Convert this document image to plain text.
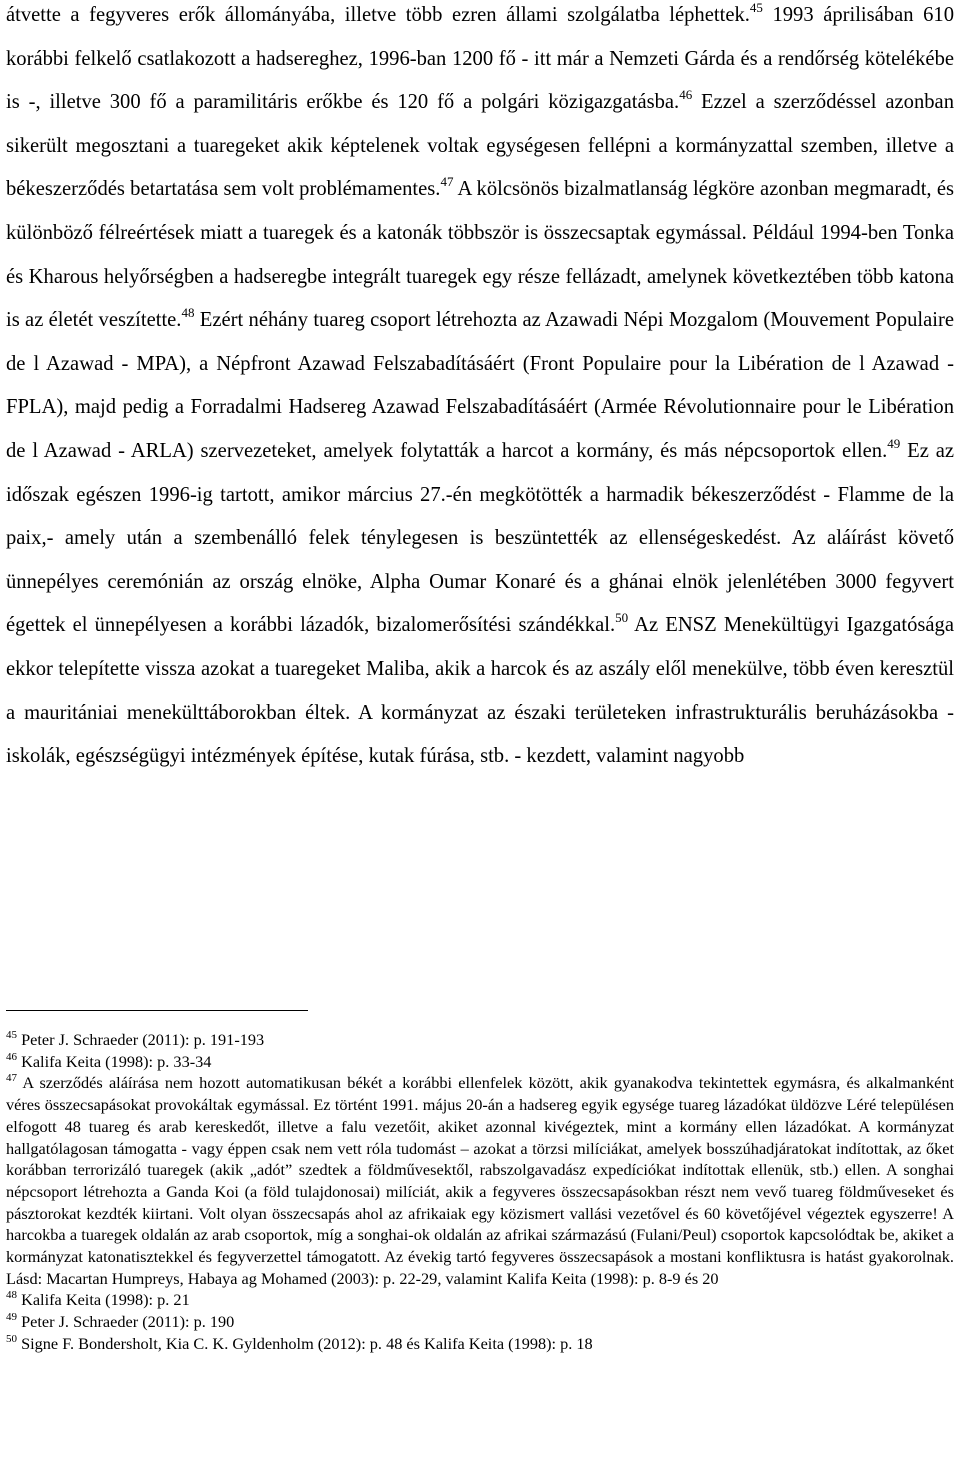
átvette a fegyveres erők állományába, illetve több ezren állami szolgálatba léphettek.$^{45}$ 1993 áprilisában 610 korábbi felkelő csatlakozott a hadsereghez, 1996-ban 1200 fő - itt már a Nemzeti Gárda és a rendőrség kötelékébe is -, illetve 300 fő a paramilitáris erőkbe és 120 fő a polgári közigazgatásba.$^{46}$ Ezzel a szerződéssel azonban sikerült megosztani a tuaregeket akik képtelenek voltak egységesen fellépni a kormányzattal szemben, illetve a békeszerződés betartatása sem volt problémamentes.$^{47}$ A kölcsönös bizalmatlanság légköre azonban megmaradt, és különböző félreértések miatt a tuaregek és a katonák többször is összecsaptak egymással. Például 1994-ben Tonka és Kharous helyőrségben a hadseregbe integrált tuaregek egy része fellázadt, amelynek következtében több katona is az életét veszítette.$^{48}$ Ezért néhány tuareg csoport létrehozta az Azawadi Népi Mozgalom (Mouvement Populaire de l Azawad - MPA), a Népfront Azawad Felszabadításáért (Front Populaire pour la Libération de l Azawad - FPLA), majd pedig a Forradalmi Hadsereg Azawad Felszabadításáért (Armée Révolutionnaire pour le Libération de l Azawad - ARLA) szervezeteket, amelyek folytatták a harcot a kormány, és más népcsoportok ellen.$^{49}$ Ez az időszak egészen 1996-ig tartott, amikor március 27.-én megkötötték a harmadik békeszerződést - Flamme de la paix,- amely után a szembenálló felek ténylegesen is beszüntették az ellenségeskedést. Az aláírást követő ünnepélyes ceremónián az ország elnöke, Alpha Oumar Konaré és a ghánai elnök jelenlétében 3000 fegyvert égettek el ünnepélyesen a korábbi lázadók, bizalomerősítési szándékkal.$^{50}$ Az ENSZ Menekültügyi Igazgatósága ekkor telepítette vissza azokat a tuaregeket Maliba, akik a harcok és az aszály elől menekülve, több éven keresztül a mauritániai menekülttáborokban éltek. A kormányzat az északi területeken infrastrukturális beruházásokba - iskolák, egészségügyi intézmények építése, kutak fúrása, stb. - kezdett, valamint nagyobb

$^{45}$ Peter J. Schraeder (2011): p. 191-193

$^{46}$ Kalifa Keita (1998): p. 33-34

$^{47}$ A szerződés aláírása nem hozott automatikusan békét a korábbi ellenfelek között, akik gyanakodva tekintettek egymásra, és alkalmanként véres összecsapásokat provokáltak egymással. Ez történt 1991. május 20-án a hadsereg egyik egysége tuareg lázadókat üldözve Léré településen elfogott 48 tuareg és arab kereskedőt, illetve a falu vezetőit, akiket azonnal kivégeztek, mint a kormány ellen lázadókat. A kormányzat hallgatólagosan támogatta - vagy éppen csak nem vett róla tudomást – azokat a törzsi milíciákat, amelyek bosszúhadjáratokat indítottak, az őket korábban terrorizáló tuaregek (akik „adót” szedtek a földművesektől, rabszolgavadász expedíciókat indítottak ellenük, stb.) ellen. A songhai népcsoport létrehozta a Ganda Koi (a föld tulajdonosai) milíciát, akik a fegyveres összecsapásokban részt nem vevő tuareg földműveseket és pásztorokat kezdték kiirtani. Volt olyan összecsapás ahol az afrikaiak egy közismert vallási vezetővel és 60 követőjével végeztek egyszerre! A harcokba a tuaregek oldalán az arab csoportok, míg a songhai-ok oldalán az afrikai származású (Fulani/Peul) csoportok kapcsolódtak be, akiket a kormányzat katonatisztekkel és fegyverzettel támogatott. Az évekig tartó fegyveres összecsapások a mostani konfliktusra is hatást gyakorolnak. Lásd: Macartan Humpreys, Habaya ag Mohamed (2003): p. 22-29, valamint Kalifa Keita (1998): p. 8-9 és 20

$^{48}$ Kalifa Keita (1998): p. 21

$^{49}$ Peter J. Schraeder (2011): p. 190

$^{50}$ Signe F. Bondersholt, Kia C. K. Gyldenholm (2012): p. 48 és Kalifa Keita (1998): p. 18
